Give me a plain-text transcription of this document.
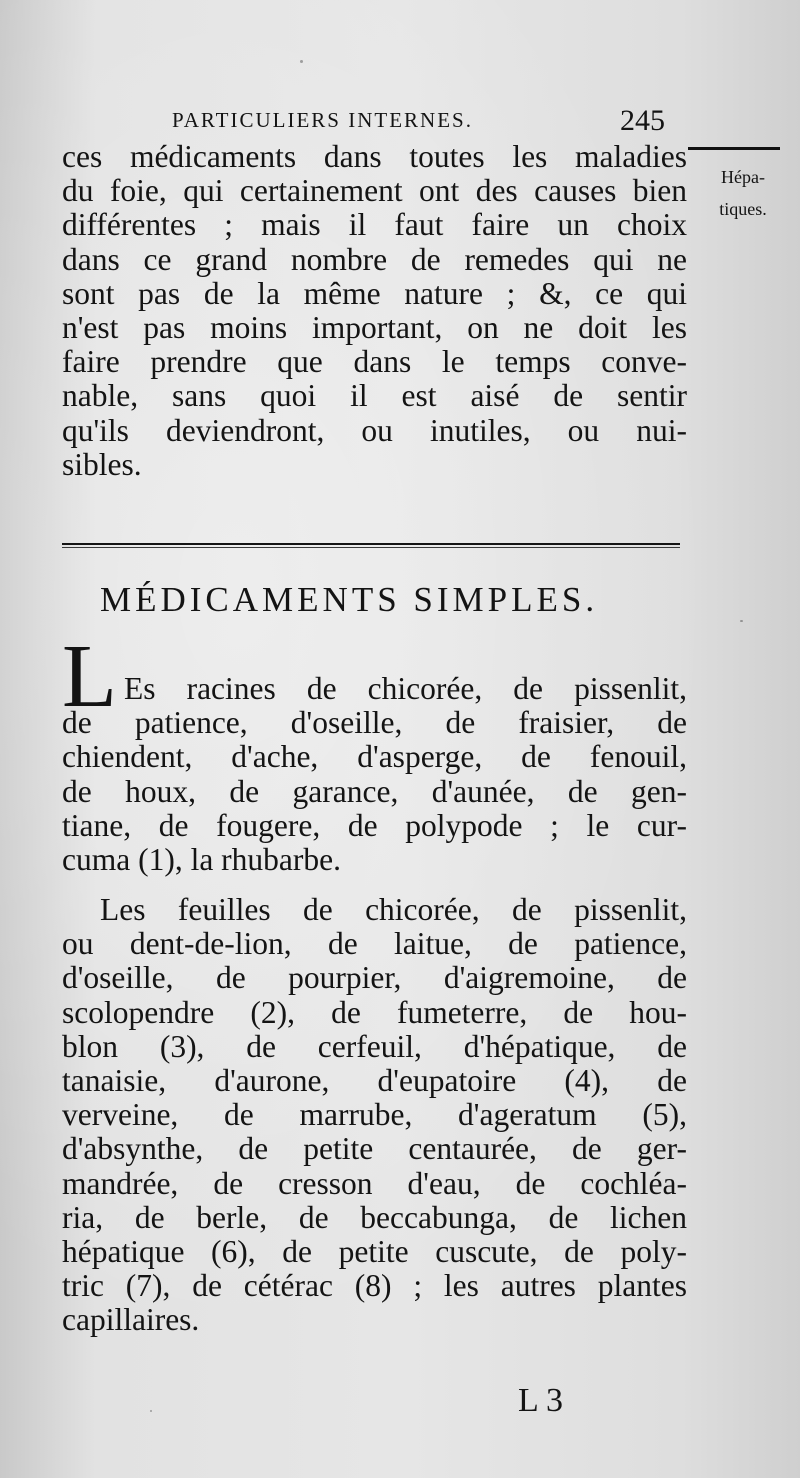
PARTICULIERS INTERNES.	245
Hépa-
tiques.
ces médicaments dans toutes les maladies
du foie, qui certainement ont des causes bien
différentes ; mais il faut faire un choix
dans ce grand nombre de remedes qui ne
sont pas de la même nature ; &, ce qui
n'est pas moins important, on ne doit les
faire prendre que dans le temps conve-
nable, sans quoi il est aisé de sentir
qu'ils deviendront, ou inutiles, ou nui-
sibles.
MÉDICAMENTS SIMPLES.
L Es racines de chicorée, de pissenlit,
de patience, d'oseille, de fraisier, de
chiendent, d'ache, d'asperge, de fenouil,
de houx, de garance, d'aunée, de gen-
tiane, de fougere, de polypode ; le cur-
cuma (1), la rhubarbe.
Les feuilles de chicorée, de pissenlit,
ou dent-de-lion, de laitue, de patience,
d'oseille, de pourpier, d'aigremoine, de
scolopendre (2), de fumeterre, de hou-
blon (3), de cerfeuil, d'hépatique, de
tanaisie, d'aurone, d'eupatoire (4), de
verveine, de marrube, d'ageratum (5),
d'absynthe, de petite centaurée, de ger-
mandrée, de cresson d'eau, de cochléa-
ria, de berle, de beccabunga, de lichen
hépatique (6), de petite cuscute, de poly-
tric (7), de cétérac (8) ; les autres plantes
capillaires.
L 3
